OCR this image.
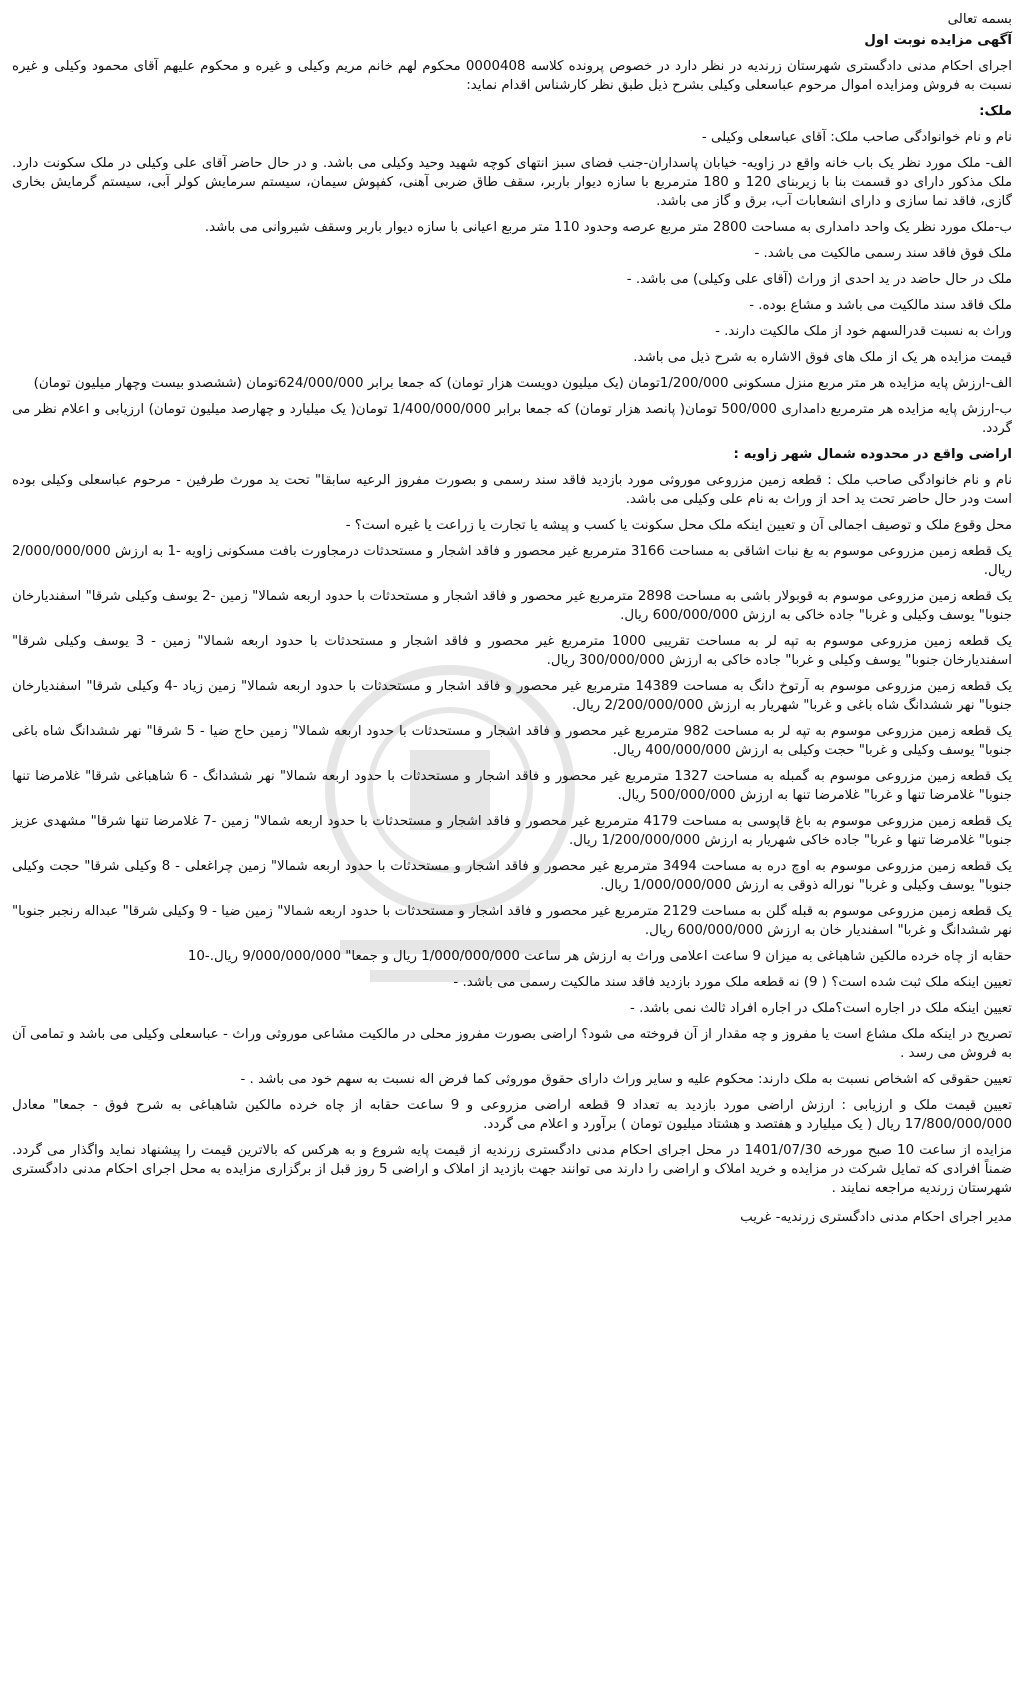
بسمه تعالی
آگهی مزایده نوبت اول
اجرای احکام مدنی دادگستری شهرستان زرندیه در نظر دارد در خصوص پرونده کلاسه 0000408 محکوم لهم خانم مریم وکیلی و غیره و محکوم علیهم آقای محمود وکیلی و غیره نسبت به فروش ومزایده اموال مرحوم عباسعلی وکیلی بشرح ذیل طبق نظر کارشناس اقدام نماید:
ملک:
نام و نام خوانوادگی صاحب ملک: آقای عباسعلی وکیلی -
الف- ملک مورد نظر یک باب خانه واقع در زاویه- خیابان پاسداران-جنب فضای سبز انتهای کوچه شهید وحید وکیلی می باشد. و در حال حاضر آقای علی وکیلی در ملک سکونت دارد. ملک مذکور دارای دو قسمت بنا با زیربنای 120 و 180 مترمربع با سازه دیوار باربر، سقف طاق ضربی آهنی، کفپوش سیمان، سیستم سرمایش کولر آبی، سیستم گرمایش بخاری گازی، فاقد نما سازی و دارای انشعابات آب، برق و گاز می باشد.
ب-ملک مورد نظر یک واحد دامداری به مساحت 2800 متر مربع عرصه وحدود 110 متر مربع اعیانی با سازه دیوار باربر وسقف شیروانی می باشد.
ملک فوق فاقد سند رسمی مالکیت می باشد. -
ملک در حال حاضد در ید احدی از وراث (آقای علی وکیلی) می باشد. -
ملک فاقد سند مالکیت می باشد و مشاع بوده. -
وراث به نسبت قدرالسهم خود از ملک مالکیت دارند. -
قیمت مزایده هر یک از ملک های فوق الاشاره به شرح ذیل می باشد.
الف-ارزش پایه مزایده هر متر مربع منزل مسکونی 1/200/000تومان (یک میلیون دویست هزار تومان) که جمعا برابر 624/000/000تومان (ششصدو بیست وچهار میلیون تومان)
ب-ارزش پایه مزایده هر مترمربع دامداری 500/000 تومان( پانصد هزار تومان) که جمعا برابر 1/400/000/000 تومان( یک میلیارد و چهارصد میلیون تومان) ارزیابی و اعلام نظر می گردد.
اراضی واقع در محدوده شمال شهر زاویه :
نام و نام خانوادگی صاحب ملک : قطعه زمین مزروعی موروثی مورد بازدید فاقد سند رسمی و بصورت مفروز الرعیه سابقا" تحت ید مورث طرفین - مرحوم عباسعلی وکیلی بوده است ودر حال حاضر تحت ید احد از وراث به نام علی وکیلی می باشد.
محل وقوع ملک و توصیف اجمالی آن و تعیین اینکه ملک محل سکونت یا کسب و پیشه یا تجارت یا زراعت یا غیره است؟ -
یک قطعه زمین مزروعی موسوم به بغ نبات اشاقی به مساحت 3166 مترمربع غیر محصور و فاقد اشجار و مستحدثات درمجاورت بافت مسکونی زاویه -1 به ارزش 2/000/000/000 ریال.
یک قطعه زمین مزروعی موسوم به قوبولار باشی به مساحت 2898 مترمربع غیر محصور و فاقد اشجار و مستحدثات با حدود اربعه شمالا" زمین -2 یوسف وکیلی شرقا" اسفندیارخان جنوبا" یوسف وکیلی و غربا" جاده خاکی به ارزش 600/000/000 ریال.
یک قطعه زمین مزروعی موسوم به تپه لر به مساحت تقریبی 1000 مترمربع غیر محصور و فاقد اشجار و مستحدثات با حدود اربعه شمالا" زمین - 3 یوسف وکیلی شرقا" اسفندیارخان جنوبا" یوسف وکیلی و غربا" جاده خاکی به ارزش 300/000/000 ریال.
یک قطعه زمین مزروعی موسوم به آرتوخ دانگ به مساحت 14389 مترمربع غیر محصور و فاقد اشجار و مستحدثات با حدود اربعه شمالا" زمین زیاد -4 وکیلی شرقا" اسفندیارخان جنوبا" نهر ششدانگ شاه باغی و غربا" شهریار به ارزش 2/200/000/000 ریال.
یک قطعه زمین مزروعی موسوم به تپه لر به مساحت 982 مترمربع غیر محصور و فاقد اشجار و مستحدثات با حدود اربعه شمالا" زمین حاج ضیا - 5 شرقا" نهر ششدانگ شاه باغی جنوبا" یوسف وکیلی و غربا" حجت وکیلی به ارزش 400/000/000 ریال.
یک قطعه زمین مزروعی موسوم به گمبله به مساحت 1327 مترمربع غیر محصور و فاقد اشجار و مستحدثات با حدود اربعه شمالا" نهر ششدانگ - 6 شاهباغی شرقا" غلامرضا تنها جنوبا" غلامرضا تنها و غربا" غلامرضا تنها به ارزش 500/000/000 ریال.
یک قطعه زمین مزروعی موسوم به باغ قاپوسی به مساحت 4179 مترمربع غیر محصور و فاقد اشجار و مستحدثات با حدود اربعه شمالا" زمین -7 غلامرضا تنها شرقا" مشهدی عزیز جنوبا" غلامرضا تنها و غربا" جاده خاکی شهریار به ارزش 1/200/000/000 ریال.
یک قطعه زمین مزروعی موسوم به اوچ دره به مساحت 3494 مترمربع غیر محصور و فاقد اشجار و مستحدثات با حدود اربعه شمالا" زمین چراغعلی - 8 وکیلی شرقا" حجت وکیلی جنوبا" یوسف وکیلی و غربا" نوراله ذوقی به ارزش 1/000/000/000 ریال.
یک قطعه زمین مزروعی موسوم به قبله گلن به مساحت 2129 مترمربع غیر محصور و فاقد اشجار و مستحدثات با حدود اربعه شمالا" زمین ضیا - 9 وکیلی شرقا" عبداله رنجبر جنوبا" نهر ششدانگ و غربا" اسفندیار خان به ارزش 600/000/000 ریال.
حقابه از چاه خرده مالکین شاهباغی به میزان 9 ساعت اعلامی وراث به ارزش هر ساعت 1/000/000/000 ریال و جمعا" 9/000/000/000 ریال.-10
تعیین اینکه ملک ثبت شده است؟ ( 9) نه قطعه ملک مورد بازدید فاقد سند مالکیت رسمی می باشد. -
تعیین اینکه ملک در اجاره است؟ملک در اجاره افراد ثالث نمی باشد. -
تصریح در اینکه ملک مشاع است یا مفروز و چه مقدار از آن فروخته می شود؟ اراضی بصورت مفروز محلی در مالکیت مشاعی موروثی وراث - عباسعلی وکیلی می باشد و تمامی آن به فروش می رسد .
تعیین حقوقی که اشخاص نسبت به ملک دارند: محکوم علیه و سایر وراث دارای حقوق موروثی کما فرض اله نسبت به سهم خود می باشد . -
تعیین قیمت ملک و ارزیابی : ارزش اراضی مورد بازدید به تعداد 9 قطعه اراضی مزروعی و 9 ساعت حقابه از چاه خرده مالکین شاهباغی به شرح فوق - جمعا" معادل 17/800/000/000 ریال ( یک میلیارد و هفتصد و هشتاد میلیون تومان ) برآورد و اعلام می گردد.
مزایده از ساعت 10 صبح مورخه 1401/07/30 در محل اجرای احکام مدنی دادگستری زرندیه از قیمت پایه شروع و به هرکس که بالاترین قیمت را پیشنهاد نماید واگذار می گردد. ضمناً افرادی که تمایل شرکت در مزایده و خرید املاک و اراضی را دارند می توانند جهت بازدید از املاک و اراضی 5 روز قبل از برگزاری مزایده به محل اجرای احکام مدنی دادگستری شهرستان زرندیه مراجعه نمایند .
مدیر اجرای احکام مدنی دادگستری زرندیه- غریب
